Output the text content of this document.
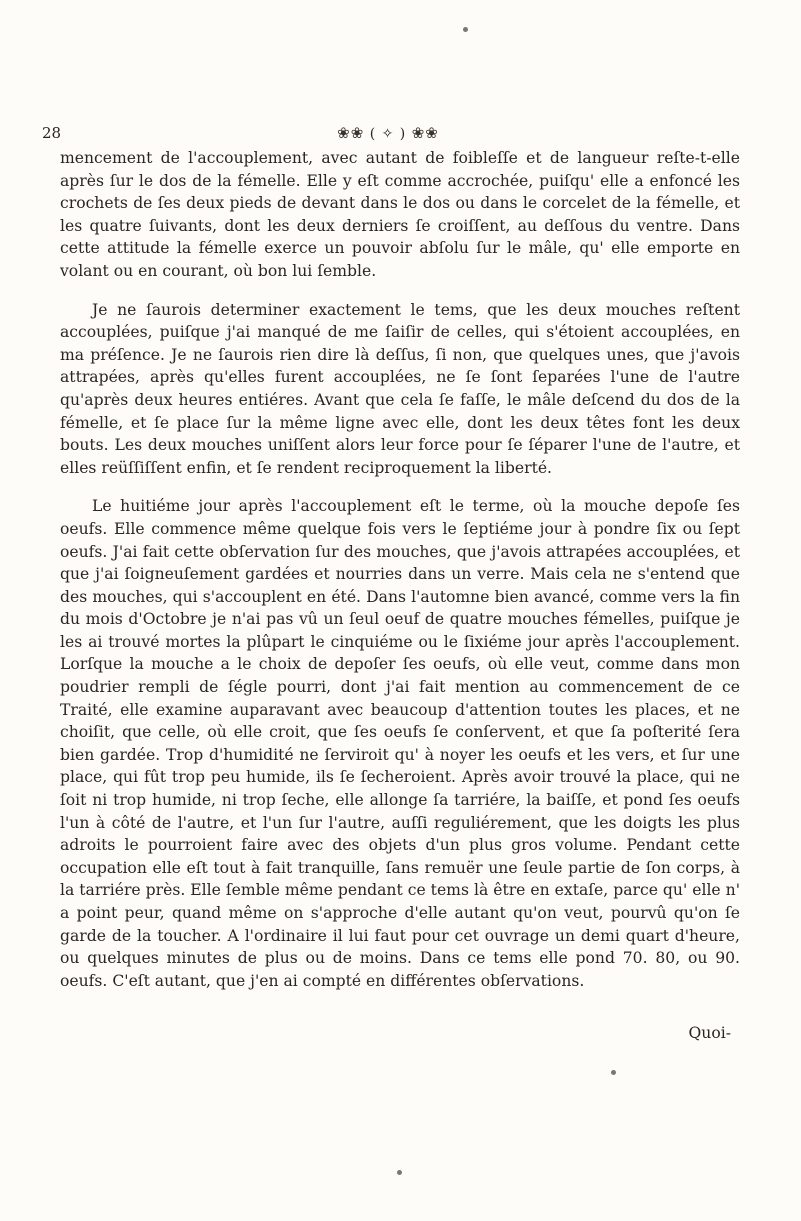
28	❀❀ ( ✧ ) ❀❀

mencement de l'accouplement, avec autant de foibleſſe et de langueur reſte-t-elle après ſur le dos de la fémelle. Elle y eſt comme accrochée, puiſqu' elle a enfoncé les crochets de ſes deux pieds de devant dans le dos ou dans le corcelet de la fémelle, et les quatre ſuivants, dont les deux derniers ſe croiſſent, au deſſous du ventre. Dans cette attitude la fémelle exerce un pouvoir abſolu ſur le mâle, qu' elle emporte en volant ou en courant, où bon lui ſemble.

Je ne ſaurois determiner exactement le tems, que les deux mouches reſtent accouplées, puiſque j'ai manqué de me ſaiſir de celles, qui s'étoient accouplées, en ma préſence. Je ne ſaurois rien dire là deſſus, ſi non, que quelques unes, que j'avois attrapées, après qu'elles furent accouplées, ne ſe ſont ſeparées l'une de l'autre qu'après deux heures entiéres. Avant que cela ſe faſſe, le mâle deſcend du dos de la fémelle, et ſe place ſur la même ligne avec elle, dont les deux têtes font les deux bouts. Les deux mouches uniſſent alors leur force pour ſe ſéparer l'une de l'autre, et elles reüſſiſſent enfin, et ſe rendent reciproquement la liberté.

Le huitiéme jour après l'accouplement eſt le terme, où la mouche depoſe ſes oeufs. Elle commence même quelque fois vers le ſeptiéme jour à pondre ſix ou ſept oeufs. J'ai fait cette obſervation ſur des mouches, que j'avois attrapées accouplées, et que j'ai ſoigneuſement gardées et nourries dans un verre. Mais cela ne s'entend que des mouches, qui s'accouplent en été. Dans l'automne bien avancé, comme vers la fin du mois d'Octobre je n'ai pas vû un ſeul oeuf de quatre mouches fémelles, puiſque je les ai trouvé mortes la plûpart le cinquiéme ou le ſixiéme jour après l'accouplement. Lorſque la mouche a le choix de depoſer ſes oeufs, où elle veut, comme dans mon poudrier rempli de ſégle pourri, dont j'ai fait mention au commencement de ce Traité, elle examine auparavant avec beaucoup d'attention toutes les places, et ne choiſit, que celle, où elle croit, que ſes oeufs ſe conſervent, et que ſa poſterité ſera bien gardée. Trop d'humidité ne ſerviroit qu' à noyer les oeufs et les vers, et ſur une place, qui fût trop peu humide, ils ſe ſecheroient. Après avoir trouvé la place, qui ne ſoit ni trop humide, ni trop ſeche, elle allonge ſa tarriére, la baiſſe, et pond ſes oeufs l'un à côté de l'autre, et l'un ſur l'autre, auſſi reguliérement, que les doigts les plus adroits le pourroient faire avec des objets d'un plus gros volume. Pendant cette occupation elle eſt tout à fait tranquille, ſans remuër une ſeule partie de ſon corps, à la tarriére près. Elle ſemble même pendant ce tems là être en extaſe, parce qu' elle n' a point peur, quand même on s'approche d'elle autant qu'on veut, pourvû qu'on ſe garde de la toucher. A l'ordinaire il lui faut pour cet ouvrage un demi quart d'heure, ou quelques minutes de plus ou de moins. Dans ce tems elle pond 70. 80, ou 90. oeufs. C'eſt autant, que j'en ai compté en différentes obſervations.

Quoi-
